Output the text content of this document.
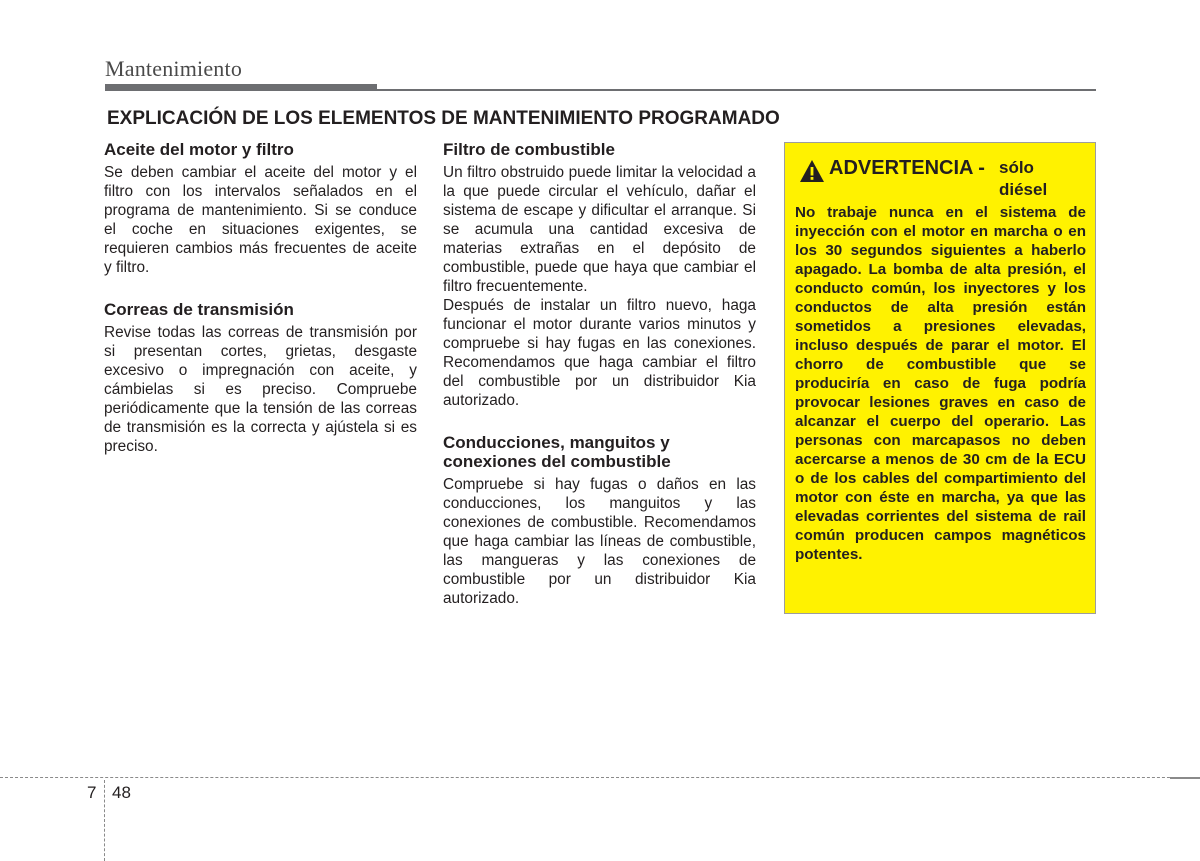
Mantenimiento
EXPLICACIÓN DE LOS ELEMENTOS DE MANTENIMIENTO PROGRAMADO
Aceite del motor y filtro

Se deben cambiar el aceite del motor y el filtro con los intervalos señalados en el programa de mantenimiento. Si se conduce el coche en situaciones exigentes, se requieren cambios más frecuentes de aceite y filtro.

Correas de transmisión

Revise todas las correas de transmisión por si presentan cortes, grietas, desgaste excesivo o impregnación con aceite, y cámbielas si es preciso. Compruebe periódicamente que la tensión de las correas de transmisión es la correcta y ajústela si es preciso.

Filtro de combustible

Un filtro obstruido puede limitar la velocidad a la que puede circular el vehículo, dañar el sistema de escape y dificultar el arranque. Si se acumula una cantidad excesiva de materias extrañas en el depósito de combustible, puede que haya que cambiar el filtro frecuentemente.

Después de instalar un filtro nuevo, haga funcionar el motor durante varios minutos y compruebe si hay fugas en las conexiones. Recomendamos que haga cambiar el filtro del combustible por un distribuidor Kia autorizado.

Conducciones, manguitos y conexiones del combustible

Compruebe si hay fugas o daños en las conducciones, los manguitos y las conexiones de combustible. Recomendamos que haga cambiar las líneas de combustible, las mangueras y las conexiones de combustible por un distribuidor Kia autorizado.

ADVERTENCIA - sólo
diésel

No trabaje nunca en el sistema de inyección con el motor en marcha o en los 30 segundos siguientes a haberlo apagado. La bomba de alta presión, el conducto común, los inyectores y los conductos de alta presión están sometidos a presiones elevadas, incluso después de parar el motor. El chorro de combustible que se produciría en caso de fuga podría provocar lesiones graves en caso de alcanzar el cuerpo del operario. Las personas con marcapasos no deben acercarse a menos de 30 cm de la ECU o de los cables del compartimiento del motor con éste en marcha, ya que las elevadas corrientes del sistema de rail común producen campos magnéticos potentes.

7 48
